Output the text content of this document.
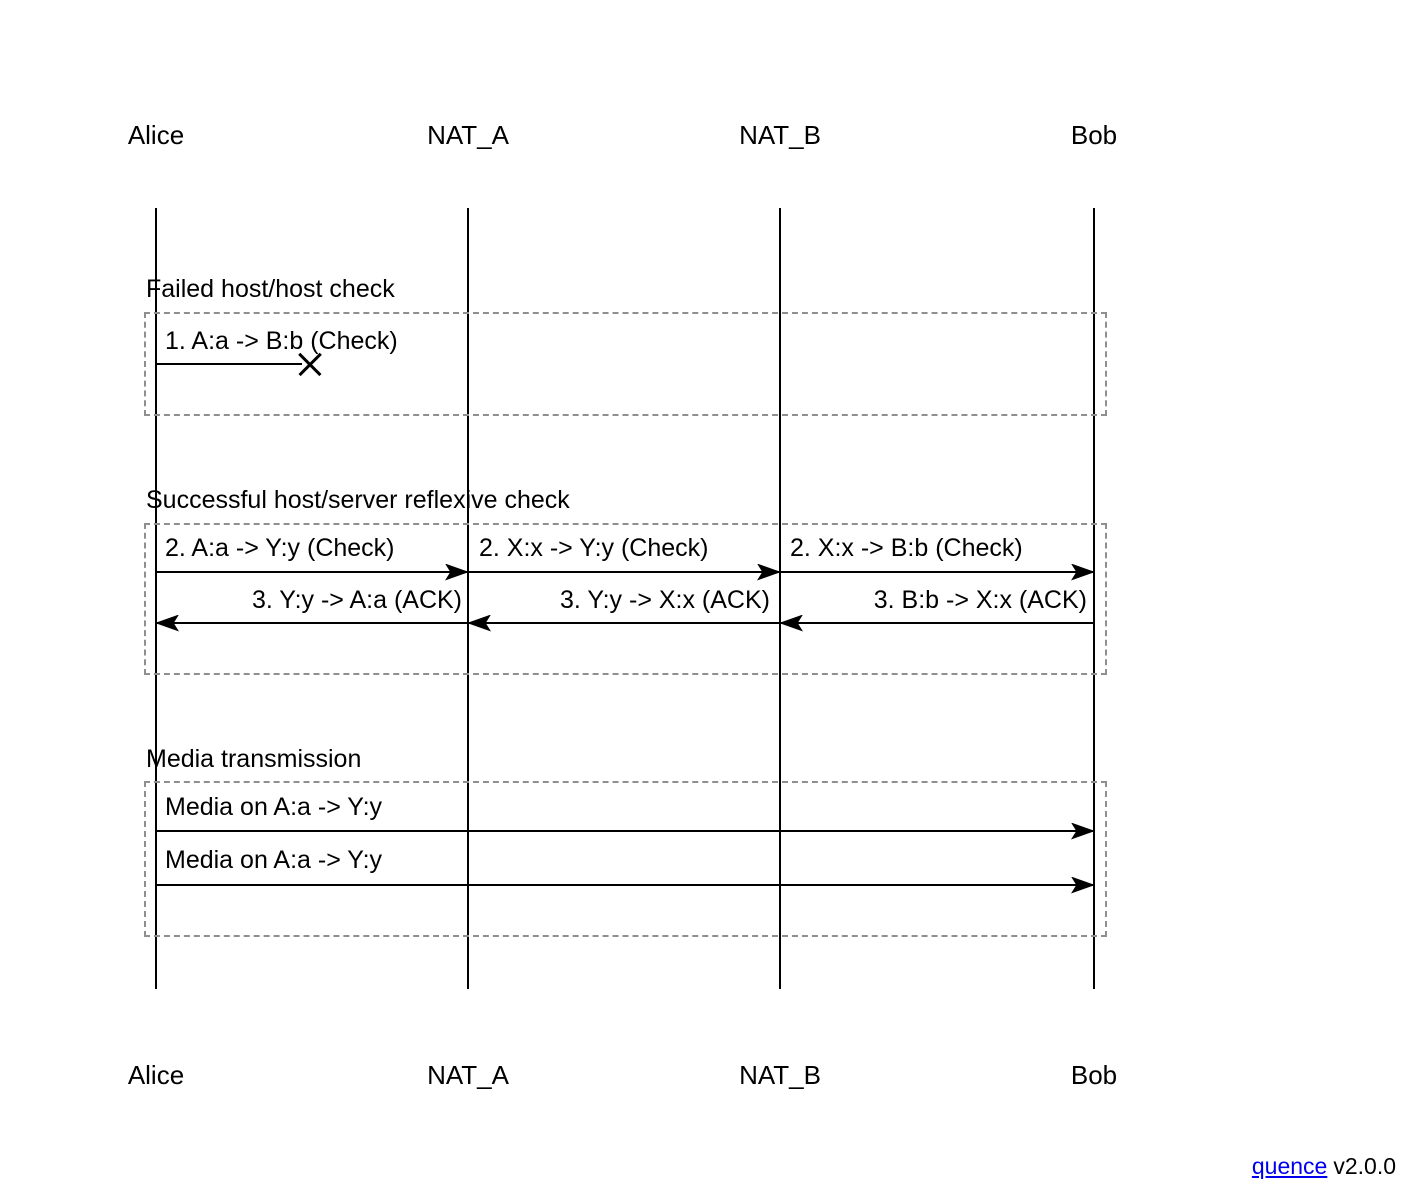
Alice	NAT_A	NAT_B	Bob
Failed host/host check
1. A:a -> B:b (Check)
Successful host/server reflexive check
2. A:a -> Y:y (Check)	2. X:x -> Y:y (Check)	2. X:x -> B:b (Check)
3. Y:y -> A:a (ACK)	3. Y:y -> X:x (ACK)	3. B:b -> X:x (ACK)
Media transmission
Media on A:a -> Y:y
Media on A:a -> Y:y
Alice	NAT_A	NAT_B	Bob
quence v2.0.0
